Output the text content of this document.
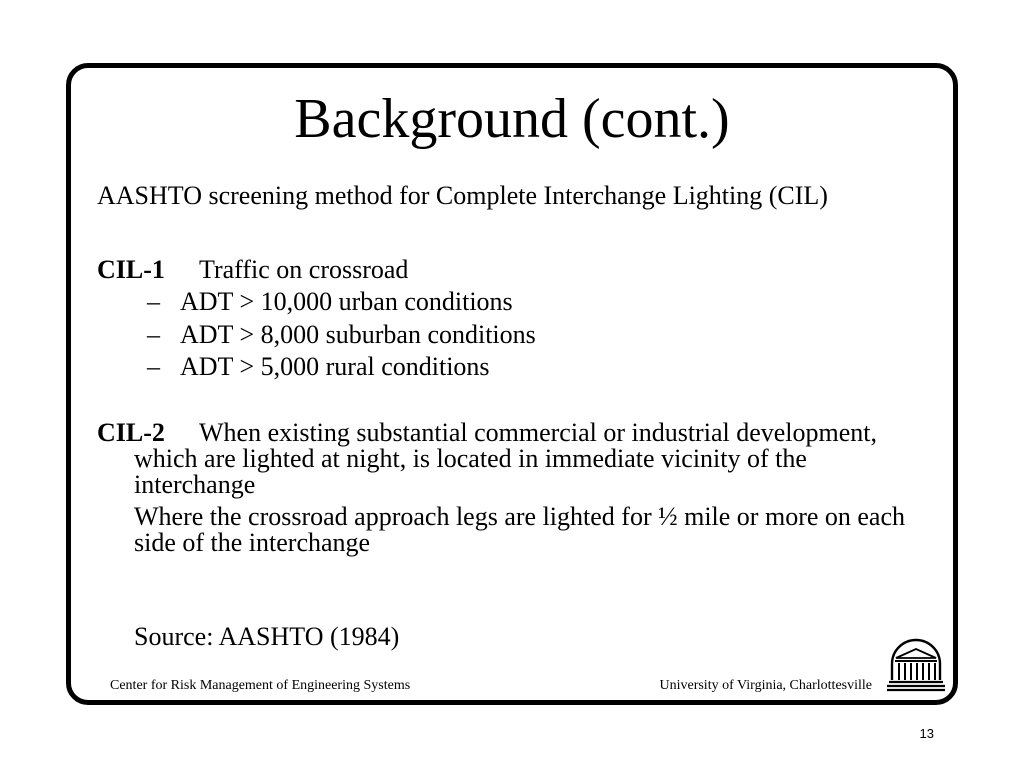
Background (cont.)
AASHTO screening method for Complete Interchange Lighting (CIL)
CIL-1 Traffic on crossroad
– ADT > 10,000 urban conditions
– ADT > 8,000 suburban conditions
– ADT > 5,000 rural conditions
CIL-2 When existing substantial commercial or industrial development,
which are lighted at night, is located in immediate vicinity of the
interchange
Where the crossroad approach legs are lighted for ½ mile or more on each
side of the interchange
Source: AASHTO (1984)
Center for Risk Management of Engineering Systems	University of Virginia, Charlottesville
13
